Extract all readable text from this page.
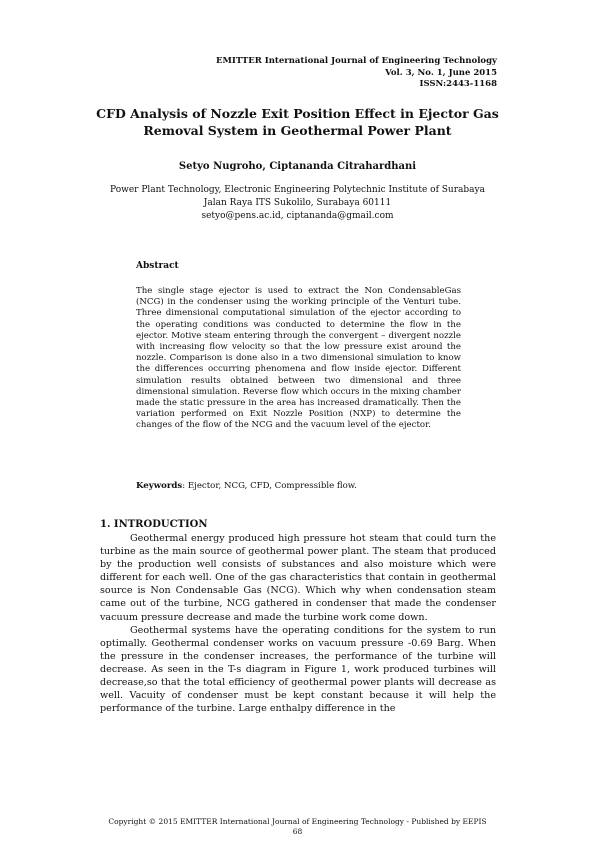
EMITTER International Journal of Engineering Technology
Vol. 3, No. 1, June 2015
ISSN:2443-1168
CFD Analysis of Nozzle Exit Position Effect in Ejector Gas
Removal System in Geothermal Power Plant
Setyo Nugroho, Ciptananda Citrahardhani
Power Plant Technology, Electronic Engineering Polytechnic Institute of Surabaya
Jalan Raya ITS Sukolilo, Surabaya 60111
setyo@pens.ac.id, ciptananda@gmail.com
Abstract
The single stage ejector is used to extract the Non CondensableGas (NCG) in the condenser using the working principle of the Venturi tube. Three dimensional computational simulation of the ejector according to the operating conditions was conducted to determine the flow in the ejector. Motive steam entering through the convergent – divergent nozzle with increasing flow velocity so that the low pressure exist around the nozzle. Comparison is done also in a two dimensional simulation to know the differences occurring phenomena and flow inside ejector. Different simulation results obtained between two dimensional and three dimensional simulation. Reverse flow which occurs in the mixing chamber made the static pressure in the area has increased dramatically. Then the variation performed on Exit Nozzle Position (NXP) to determine the changes of the flow of the NCG and the vacuum level of the ejector.
Keywords: Ejector, NCG, CFD, Compressible flow.
1. INTRODUCTION

Geothermal energy produced high pressure hot steam that could turn the turbine as the main source of geothermal power plant. The steam that produced by the production well consists of substances and also moisture which were different for each well. One of the gas characteristics that contain in geothermal source is Non Condensable Gas (NCG). Which why when condensation steam came out of the turbine, NCG gathered in condenser that made the condenser vacuum pressure decrease and made the turbine work come down.

Geothermal systems have the operating conditions for the system to run optimally. Geothermal condenser works on vacuum pressure -0.69 Barg. When the pressure in the condenser increases, the performance of the turbine will decrease. As seen in the T-s diagram in Figure 1, work produced turbines will decrease,so that the total efficiency of geothermal power plants will decrease as well. Vacuity of condenser must be kept constant because it will help the performance of the turbine. Large enthalpy difference in the

Copyright © 2015 EMITTER International Journal of Engineering Technology - Published by EEPIS
68
